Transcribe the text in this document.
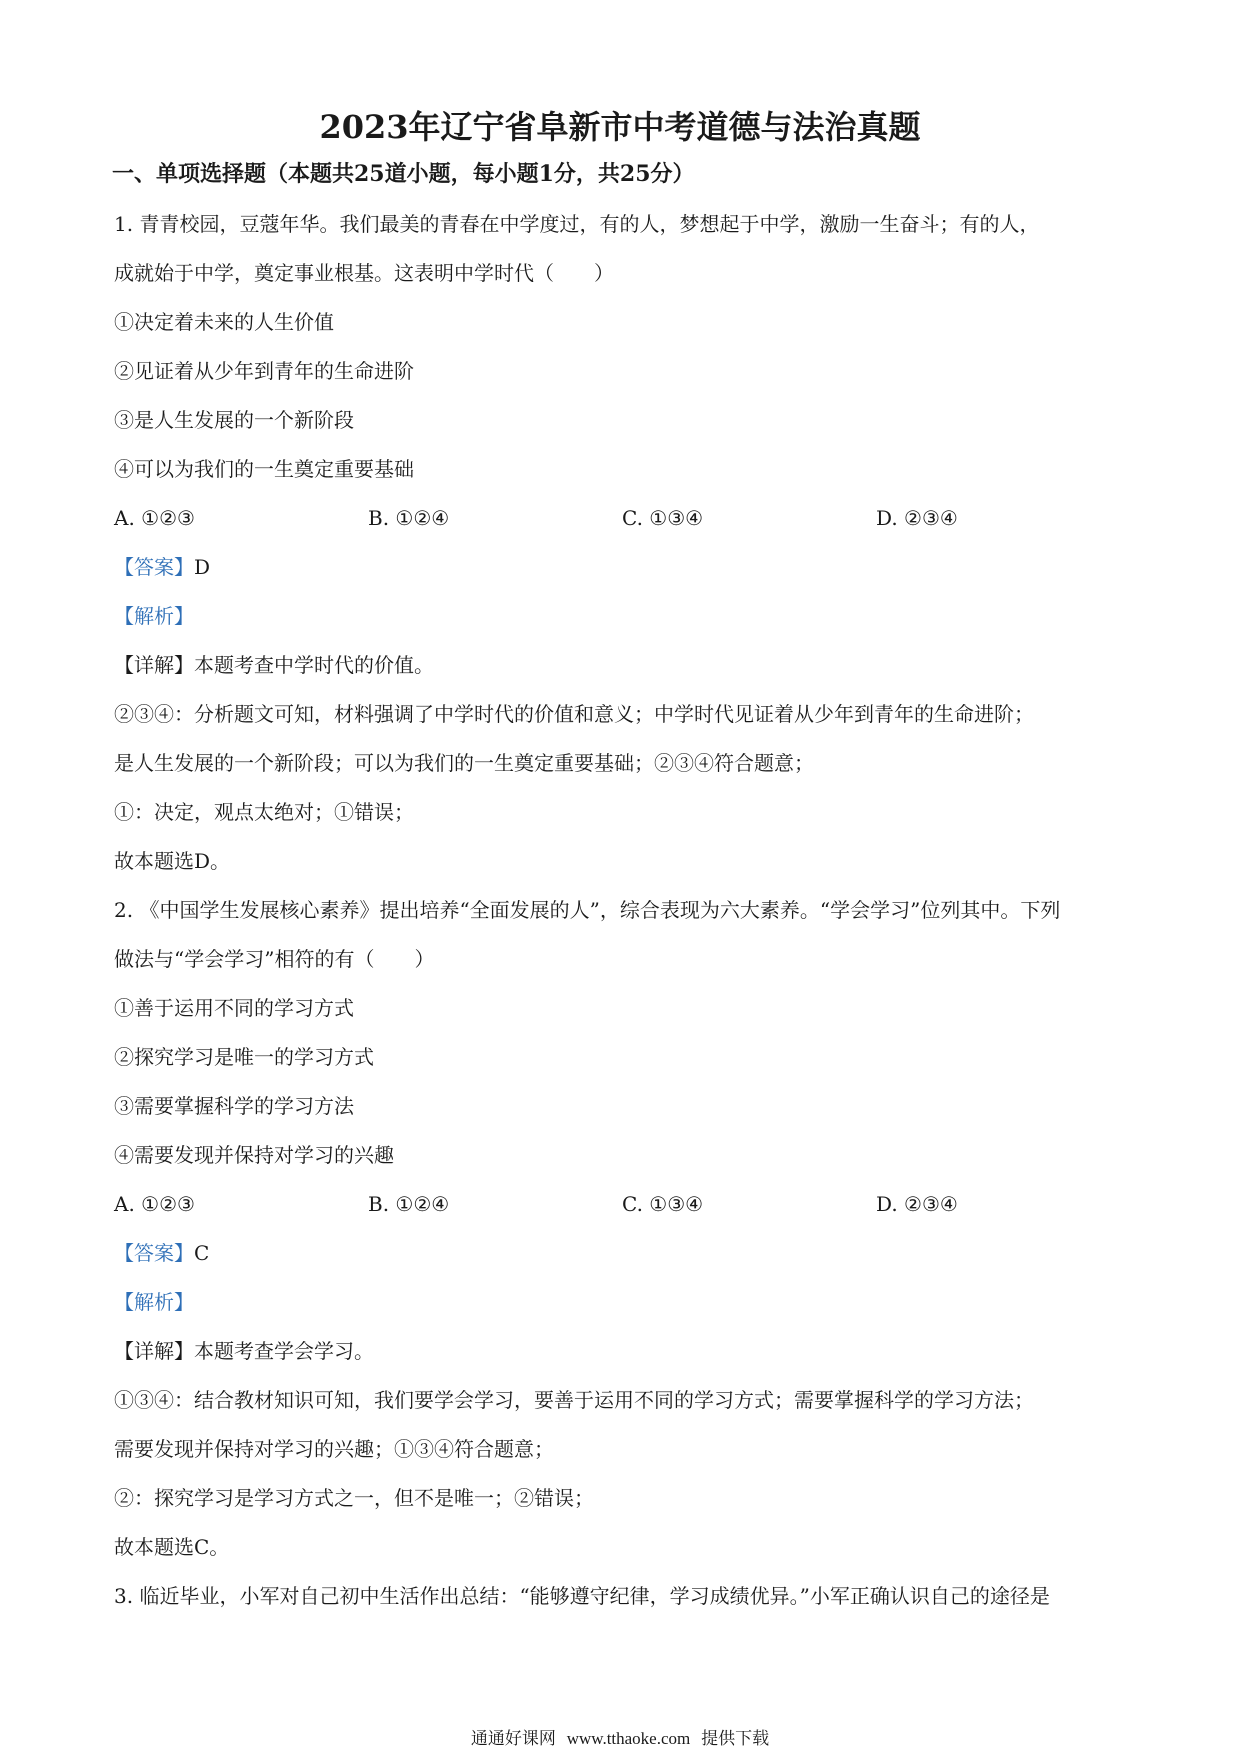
2023年辽宁省阜新市中考道德与法治真题
一、单项选择题（本题共25道小题，每小题1分，共25分）
1. 青青校园，豆蔻年华。我们最美的青春在中学度过，有的人，梦想起于中学，激励一生奋斗；有的人，
成就始于中学，奠定事业根基。这表明中学时代（　　）
①决定着未来的人生价值
②见证着从少年到青年的生命进阶
③是人生发展的一个新阶段
④可以为我们的一生奠定重要基础
A. ①②③	B. ①②④	C. ①③④	D. ②③④
【答案】D
【解析】
【详解】本题考查中学时代的价值。
②③④：分析题文可知，材料强调了中学时代的价值和意义；中学时代见证着从少年到青年的生命进阶；
是人生发展的一个新阶段；可以为我们的一生奠定重要基础；②③④符合题意；
①：决定，观点太绝对；①错误；
故本题选D。
2. 《中国学生发展核心素养》提出培养“全面发展的人”，综合表现为六大素养。“学会学习”位列其中。下列
做法与“学会学习”相符的有（　　）
①善于运用不同的学习方式
②探究学习是唯一的学习方式
③需要掌握科学的学习方法
④需要发现并保持对学习的兴趣
A. ①②③	B. ①②④	C. ①③④	D. ②③④
【答案】C
【解析】
【详解】本题考查学会学习。
①③④：结合教材知识可知，我们要学会学习，要善于运用不同的学习方式；需要掌握科学的学习方法；
需要发现并保持对学习的兴趣；①③④符合题意；
②：探究学习是学习方式之一，但不是唯一；②错误；
故本题选C。
3. 临近毕业，小军对自己初中生活作出总结：“能够遵守纪律，学习成绩优异。”小军正确认识自己的途径是
通通好课网 www.tthaoke.com 提供下载
